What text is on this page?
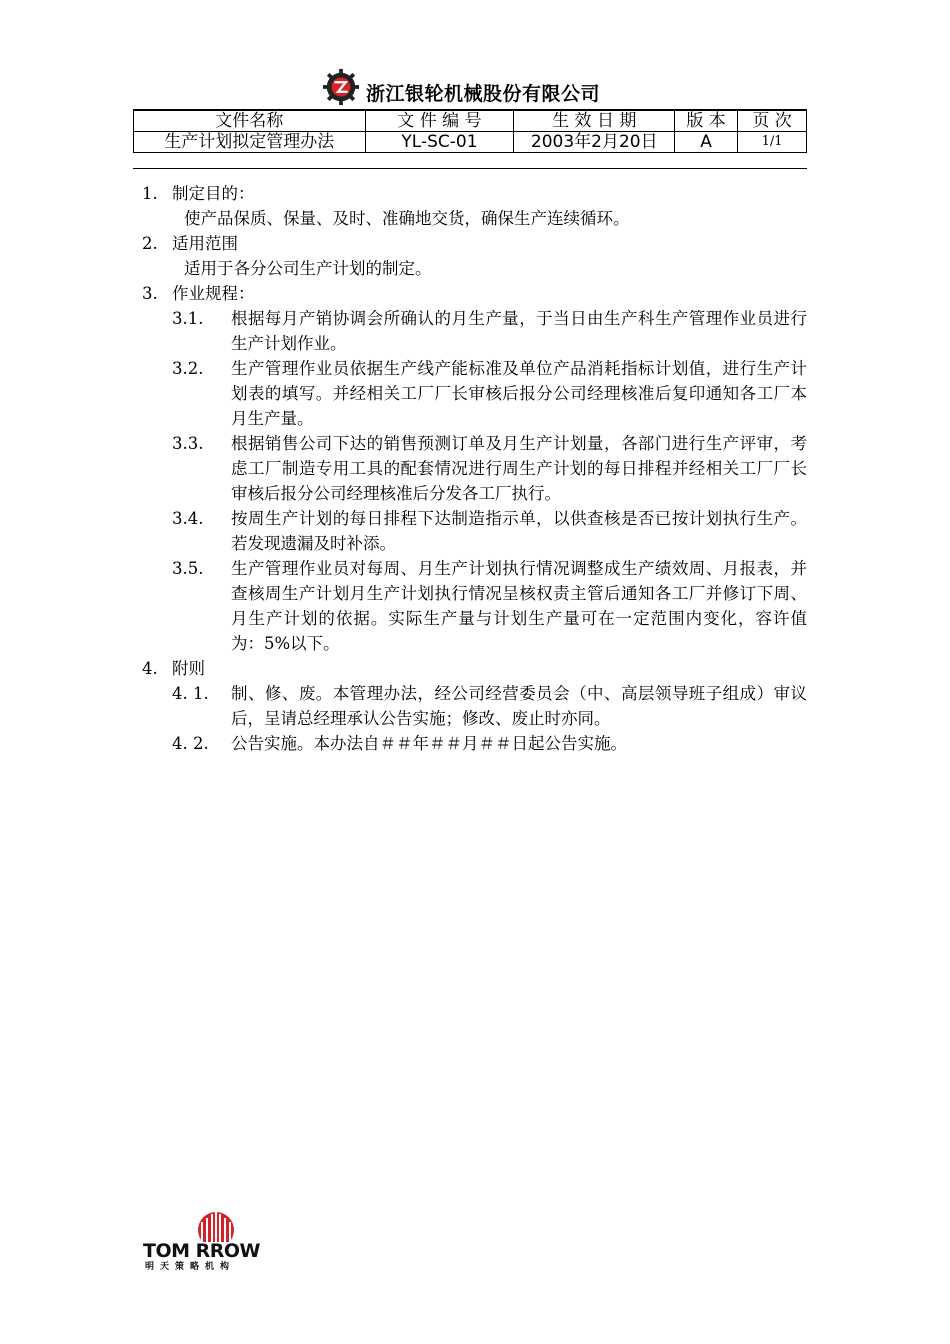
浙江银轮机械股份有限公司
文件名称	文 件 编 号	生 效 日 期	版 本	页 次
生产计划拟定管理办法	YL-SC-01	2003年2月20日	A	1/1
1. 制定目的：
使产品保质、保量、及时、准确地交货，确保生产连续循环。
2. 适用范围
适用于各分公司生产计划的制定。
3. 作业规程：
3.1. 根据每月产销协调会所确认的月生产量，于当日由生产科生产管理作业员进行生产计划作业。
3.2. 生产管理作业员依据生产线产能标准及单位产品消耗指标计划值，进行生产计划表的填写。并经相关工厂厂长审核后报分公司经理核准后复印通知各工厂本月生产量。
3.3. 根据销售公司下达的销售预测订单及月生产计划量，各部门进行生产评审，考虑工厂制造专用工具的配套情况进行周生产计划的每日排程并经相关工厂厂长审核后报分公司经理核准后分发各工厂执行。
3.4. 按周生产计划的每日排程下达制造指示单，以供查核是否已按计划执行生产。若发现遗漏及时补添。
3.5. 生产管理作业员对每周、月生产计划执行情况调整成生产绩效周、月报表，并查核周生产计划月生产计划执行情况呈核权责主管后通知各工厂并修订下周、月生产计划的依据。实际生产量与计划生产量可在一定范围内变化，容许值为：5%以下。
4. 附则
4. 1. 制、修、废。本管理办法，经公司经营委员会（中、高层领导班子组成）审议后，呈请总经理承认公告实施；修改、废止时亦同。
4. 2. 公告实施。本办法自＃＃年＃＃月＃＃日起公告实施。
TOM RROW
明天策略机构
